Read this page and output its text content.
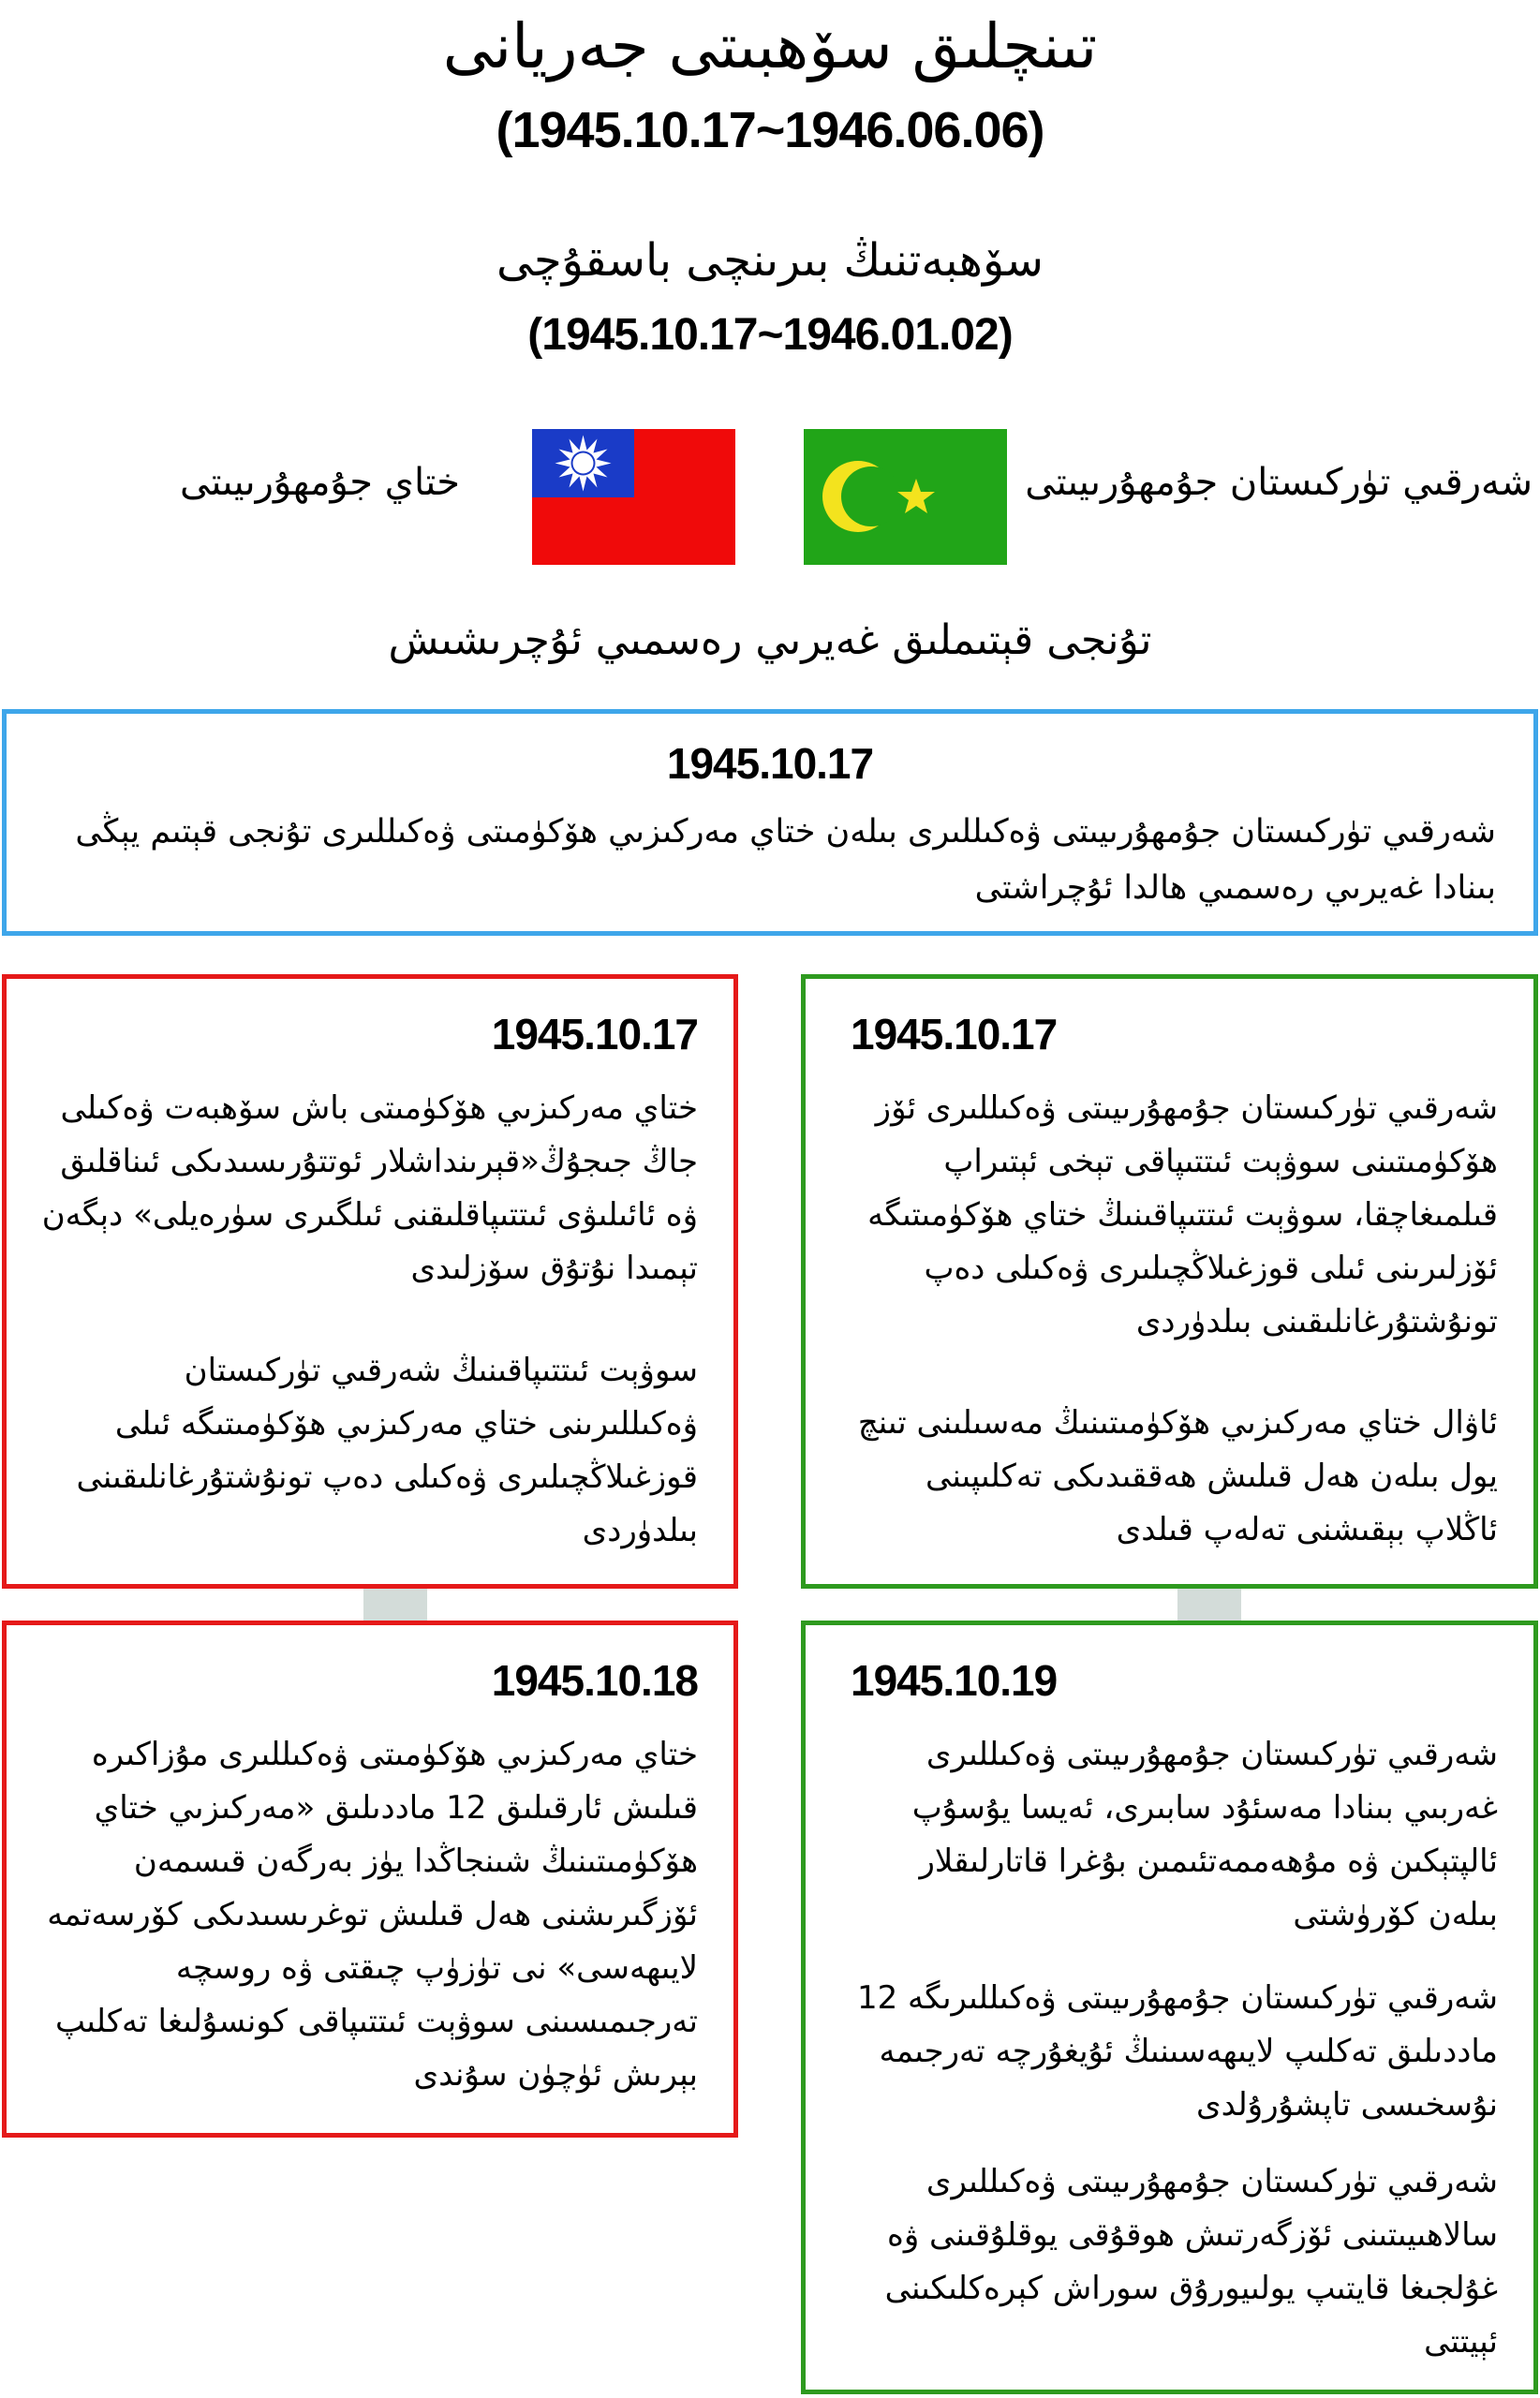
تىنچلىق سۆھبىتى جەريانى
(1945.10.17~1946.06.06)
سۆھبەتنىڭ بىرىنچى باسقۇچى
(1945.10.17~1946.01.02)
شەرقىي تۈركىستان جۇمھۇرىيىتى
ختاي جۇمھۇرىيىتى
تۇنجى قېتىملىق غەيرىي رەسمىي ئۇچرىشىش
1945.10.17
شەرقىي تۈركىستان جۇمھۇرىيىتى ۋەكىللىرى بىلەن ختاي مەركىزىي ھۆكۈمىتى ۋەكىللىرى تۇنجى قېتىم يېڭى بىنادا غەيرىي رەسمىي ھالدا ئۇچراشتى
1945.10.17
ختاي مەركىزىي ھۆكۈمىتى باش سۆھبەت ۋەكىلى جاڭ جىجۇڭ«قېرىنداشلار ئوتتۇرىسىدىكى ئىناقلىق ۋە ئائىلىۋى ئىتتىپاقلىقنى ئىلگىرى سۈرەيلى» دېگەن تېمىدا نۇتۇق سۆزلىدى
سوۋېت ئىتتىپاقىنىڭ شەرقىي تۈركىستان ۋەكىللىرىنى ختاي مەركىزىي ھۆكۈمىتىگە ئىلى قوزغىلاڭچىلىرى ۋەكىلى دەپ تونۇشتۇرغانلىقىنى بىلدۈردى
1945.10.17
شەرقىي تۈركىستان جۇمھۇرىيىتى ۋەكىللىرى ئۆز ھۆكۈمىتىنى سوۋېت ئىتتىپاقى تېخى ئېتىراپ قىلمىغاچقا، سوۋېت ئىتتىپاقىنىڭ ختاي ھۆكۈمىتىگە ئۆزلىرىنى ئىلى قوزغىلاڭچىلىرى ۋەكىلى دەپ تونۇشتۇرغانلىقىنى بىلدۈردى
ئاۋال ختاي مەركىزىي ھۆكۈمىتىنىڭ مەسىلىنى تىنچ يول بىلەن ھەل قىلىش ھەققىدىكى تەكلىپىنى ئاڭلاپ بېقىشنى تەلەپ قىلدى
1945.10.18
ختاي مەركىزىي ھۆكۈمىتى ۋەكىللىرى مۇزاكىرە قىلىش ئارقىلىق 12 ماددىلىق «مەركىزىي ختاي ھۆكۈمىتىنىڭ شىنجاڭدا يۈز بەرگەن قىسمەن ئۆزگىرىشنى ھەل قىلىش توغرىسىدىكى كۆرسەتمە لايىھەسى» نى تۈزۈپ چىقتى ۋە روسچە تەرجىمىسىنى سوۋېت ئىتتىپاقى كونسۇلىغا تەكلىپ بېرىش ئۈچۈن سۇندى
1945.10.19
شەرقىي تۈركىستان جۇمھۇرىيىتى ۋەكىللىرى غەربىي بىنادا مەسئۇد سابىرى، ئەيسا يۇسۇپ ئالپتېكىن ۋە مۇھەممەتئىمىن بۇغرا قاتارلىقلار بىلەن كۆرۈشتى
شەرقىي تۈركىستان جۇمھۇرىيىتى ۋەكىللىرىگە 12 ماددىلىق تەكلىپ لايىھەسىنىڭ ئۇيغۇرچە تەرجىمە نۇسخىسى تاپشۇرۇلدى
شەرقىي تۈركىستان جۇمھۇرىيىتى ۋەكىللىرى سالاھىيىتىنى ئۆزگەرتىش ھوقۇقى يوقلۇقىنى ۋە غۇلجىغا قايتىپ يولىيورۇق سوراش كېرەكلىكىنى ئېيتتى
